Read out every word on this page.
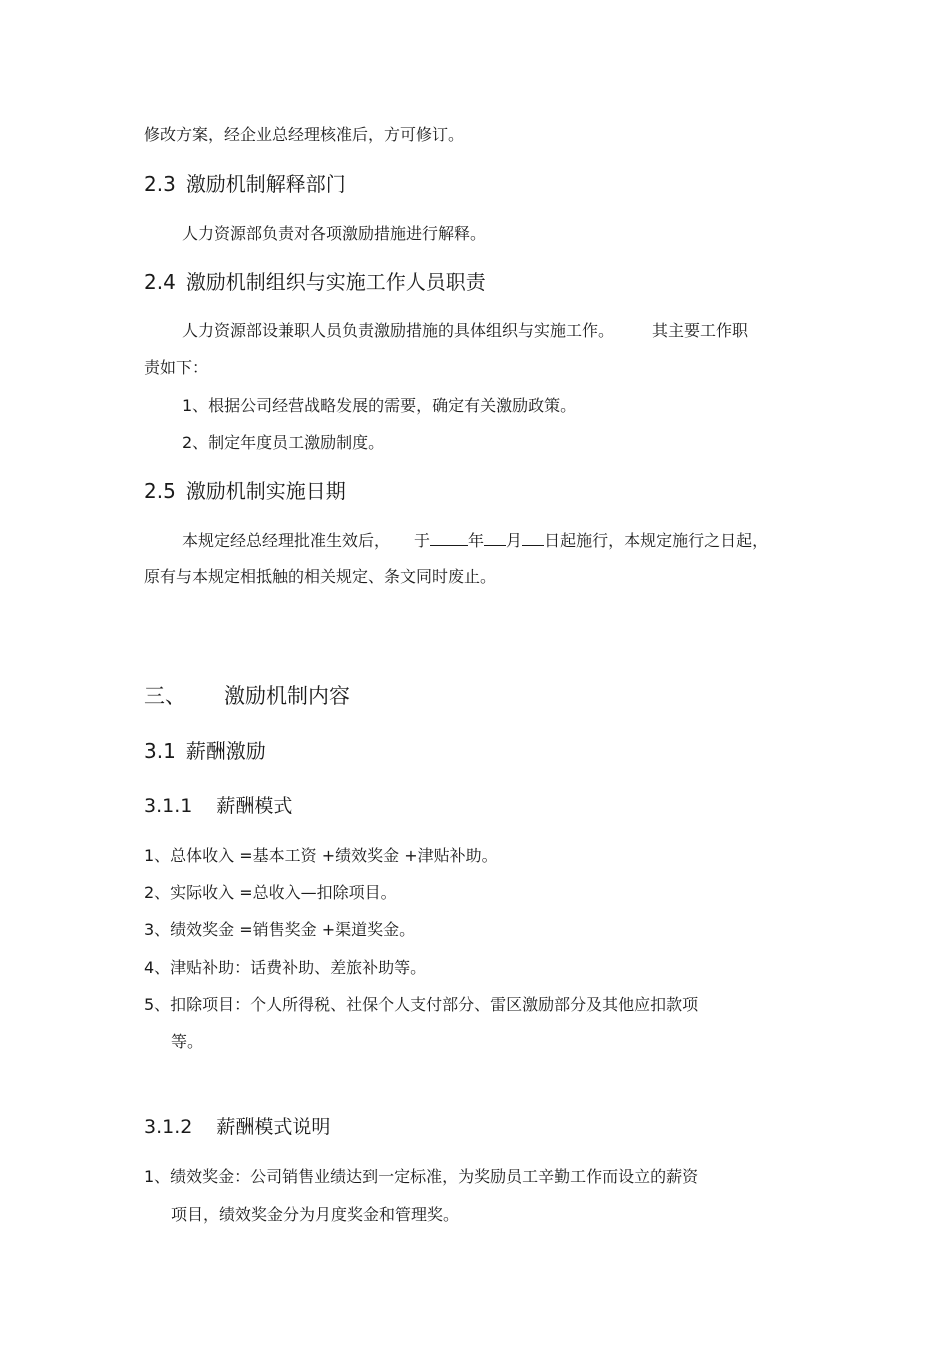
修改方案，经企业总经理核准后，方可修订。
2.3 激励机制解释部门
人力资源部负责对各项激励措施进行解释。
2.4 激励机制组织与实施工作人员职责
人力资源部设兼职人员负责激励措施的具体组织与实施工作。 其主要工作职
责如下：
1、根据公司经营战略发展的需要，确定有关激励政策。
2、制定年度员工激励制度。
2.5 激励机制实施日期
本规定经总经理批准生效后， 于 年 月 日起施行，本规定施行之日起，
原有与本规定相抵触的相关规定、条文同时废止。
三、 激励机制内容
3.1 薪酬激励
3.1.1 薪酬模式
1、总体收入 =基本工资 +绩效奖金 +津贴补助。
2、实际收入 =总收入—扣除项目。
3、绩效奖金 =销售奖金 +渠道奖金。
4、津贴补助：话费补助、差旅补助等。
5、扣除项目：个人所得税、社保个人支付部分、雷区激励部分及其他应扣款项
等。
3.1.2 薪酬模式说明
1、绩效奖金：公司销售业绩达到一定标准，为奖励员工辛勤工作而设立的薪资
项目，绩效奖金分为月度奖金和管理奖。
